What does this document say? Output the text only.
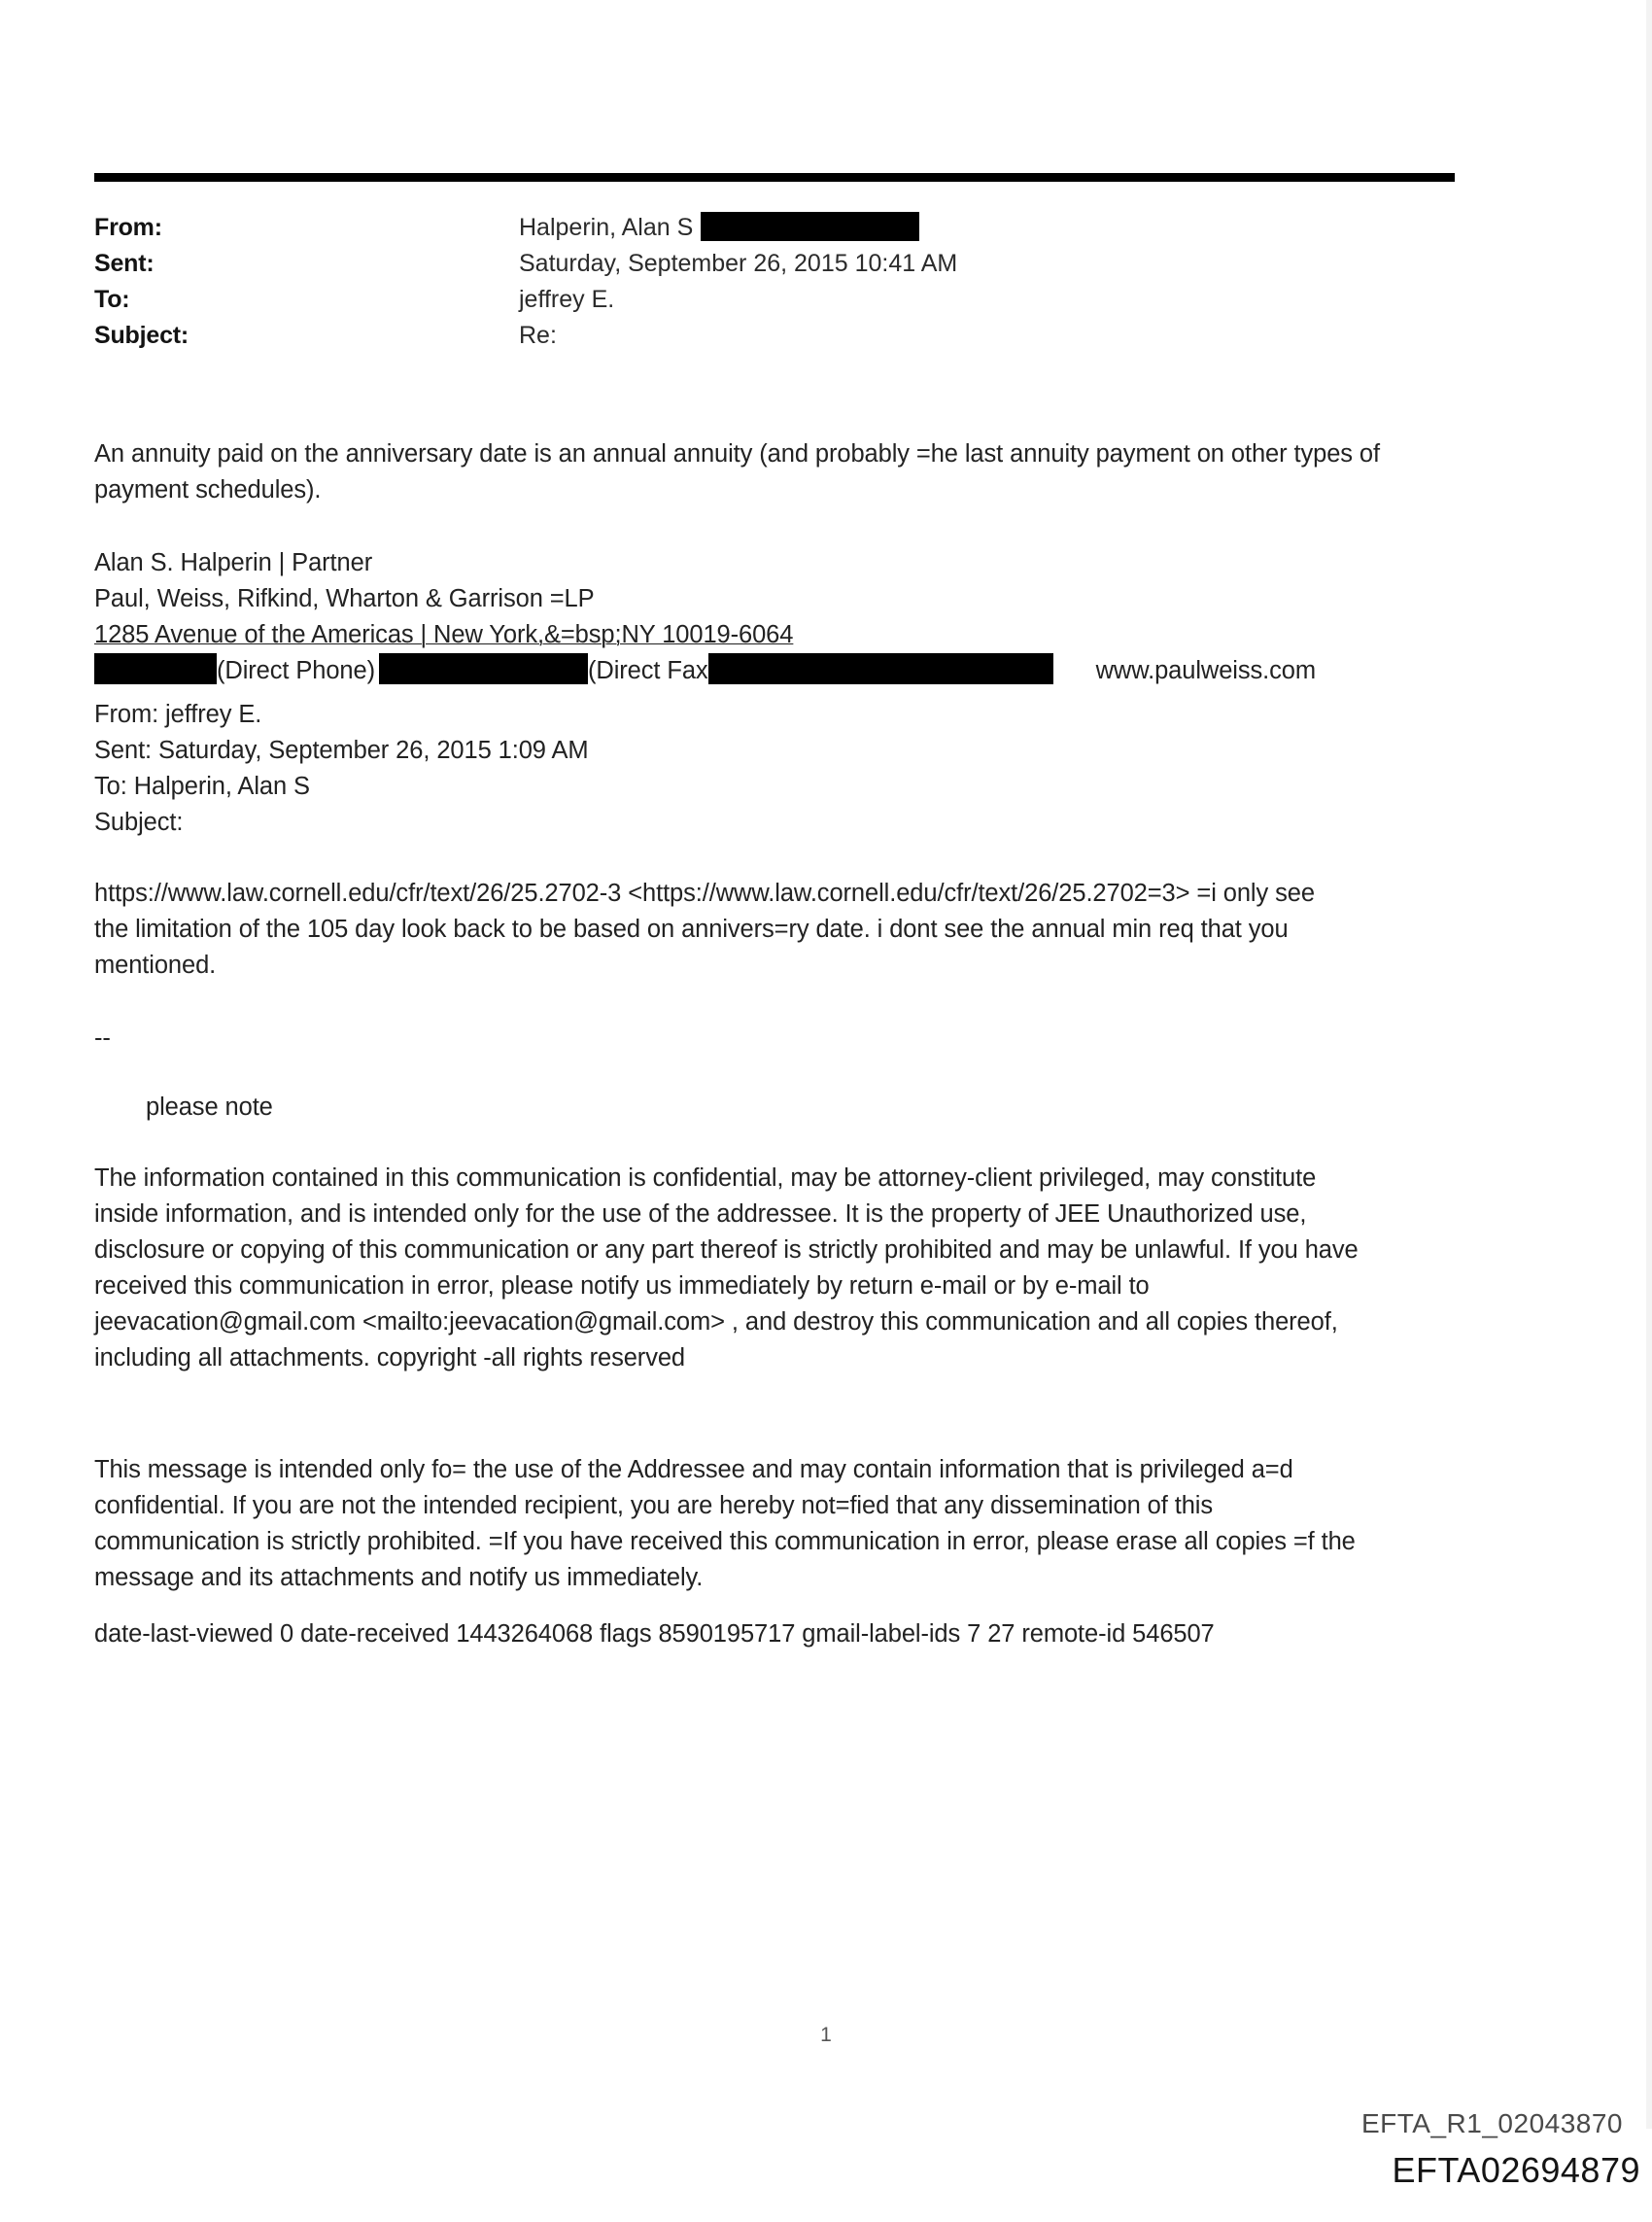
From:	Halperin, Alan S
Sent:	Saturday, September 26, 2015 10:41 AM
To:	jeffrey E.
Subject:	Re:
An annuity paid on the anniversary date is an annual annuity (and probably =he last annuity payment on other types of
payment schedules).
Alan S. Halperin | Partner
Paul, Weiss, Rifkind, Wharton & Garrison =LP
1285 Avenue of the Americas | New York,&=bsp;NY 10019-6064
(Direct Phone)	(Direct Fax	www.paulweiss.com
From: jeffrey E.
Sent: Saturday, September 26, 2015 1:09 AM
To: Halperin, Alan S
Subject:
https://www.law.cornell.edu/cfr/text/26/25.2702-3 <https://www.law.cornell.edu/cfr/text/26/25.2702=3> =i only see
the limitation of the 105 day look back to be based on annivers=ry date. i dont see the annual min req that you
mentioned.
--
please note
The information contained in this communication is confidential, may be attorney-client privileged, may constitute
inside information, and is intended only for the use of the addressee. It is the property of JEE Unauthorized use,
disclosure or copying of this communication or any part thereof is strictly prohibited and may be unlawful. If you have
received this communication in error, please notify us immediately by return e-mail or by e-mail to
jeevacation@gmail.com <mailto:jeevacation@gmail.com> , and destroy this communication and all copies thereof,
including all attachments. copyright -all rights reserved
This message is intended only fo= the use of the Addressee and may contain information that is privileged a=d
confidential. If you are not the intended recipient, you are hereby not=fied that any dissemination of this
communication is strictly prohibited. =If you have received this communication in error, please erase all copies =f the
message and its attachments and notify us immediately.
date-last-viewed 0 date-received 1443264068 flags 8590195717 gmail-label-ids 7 27 remote-id 546507
1
EFTA_R1_02043870
EFTA02694879
